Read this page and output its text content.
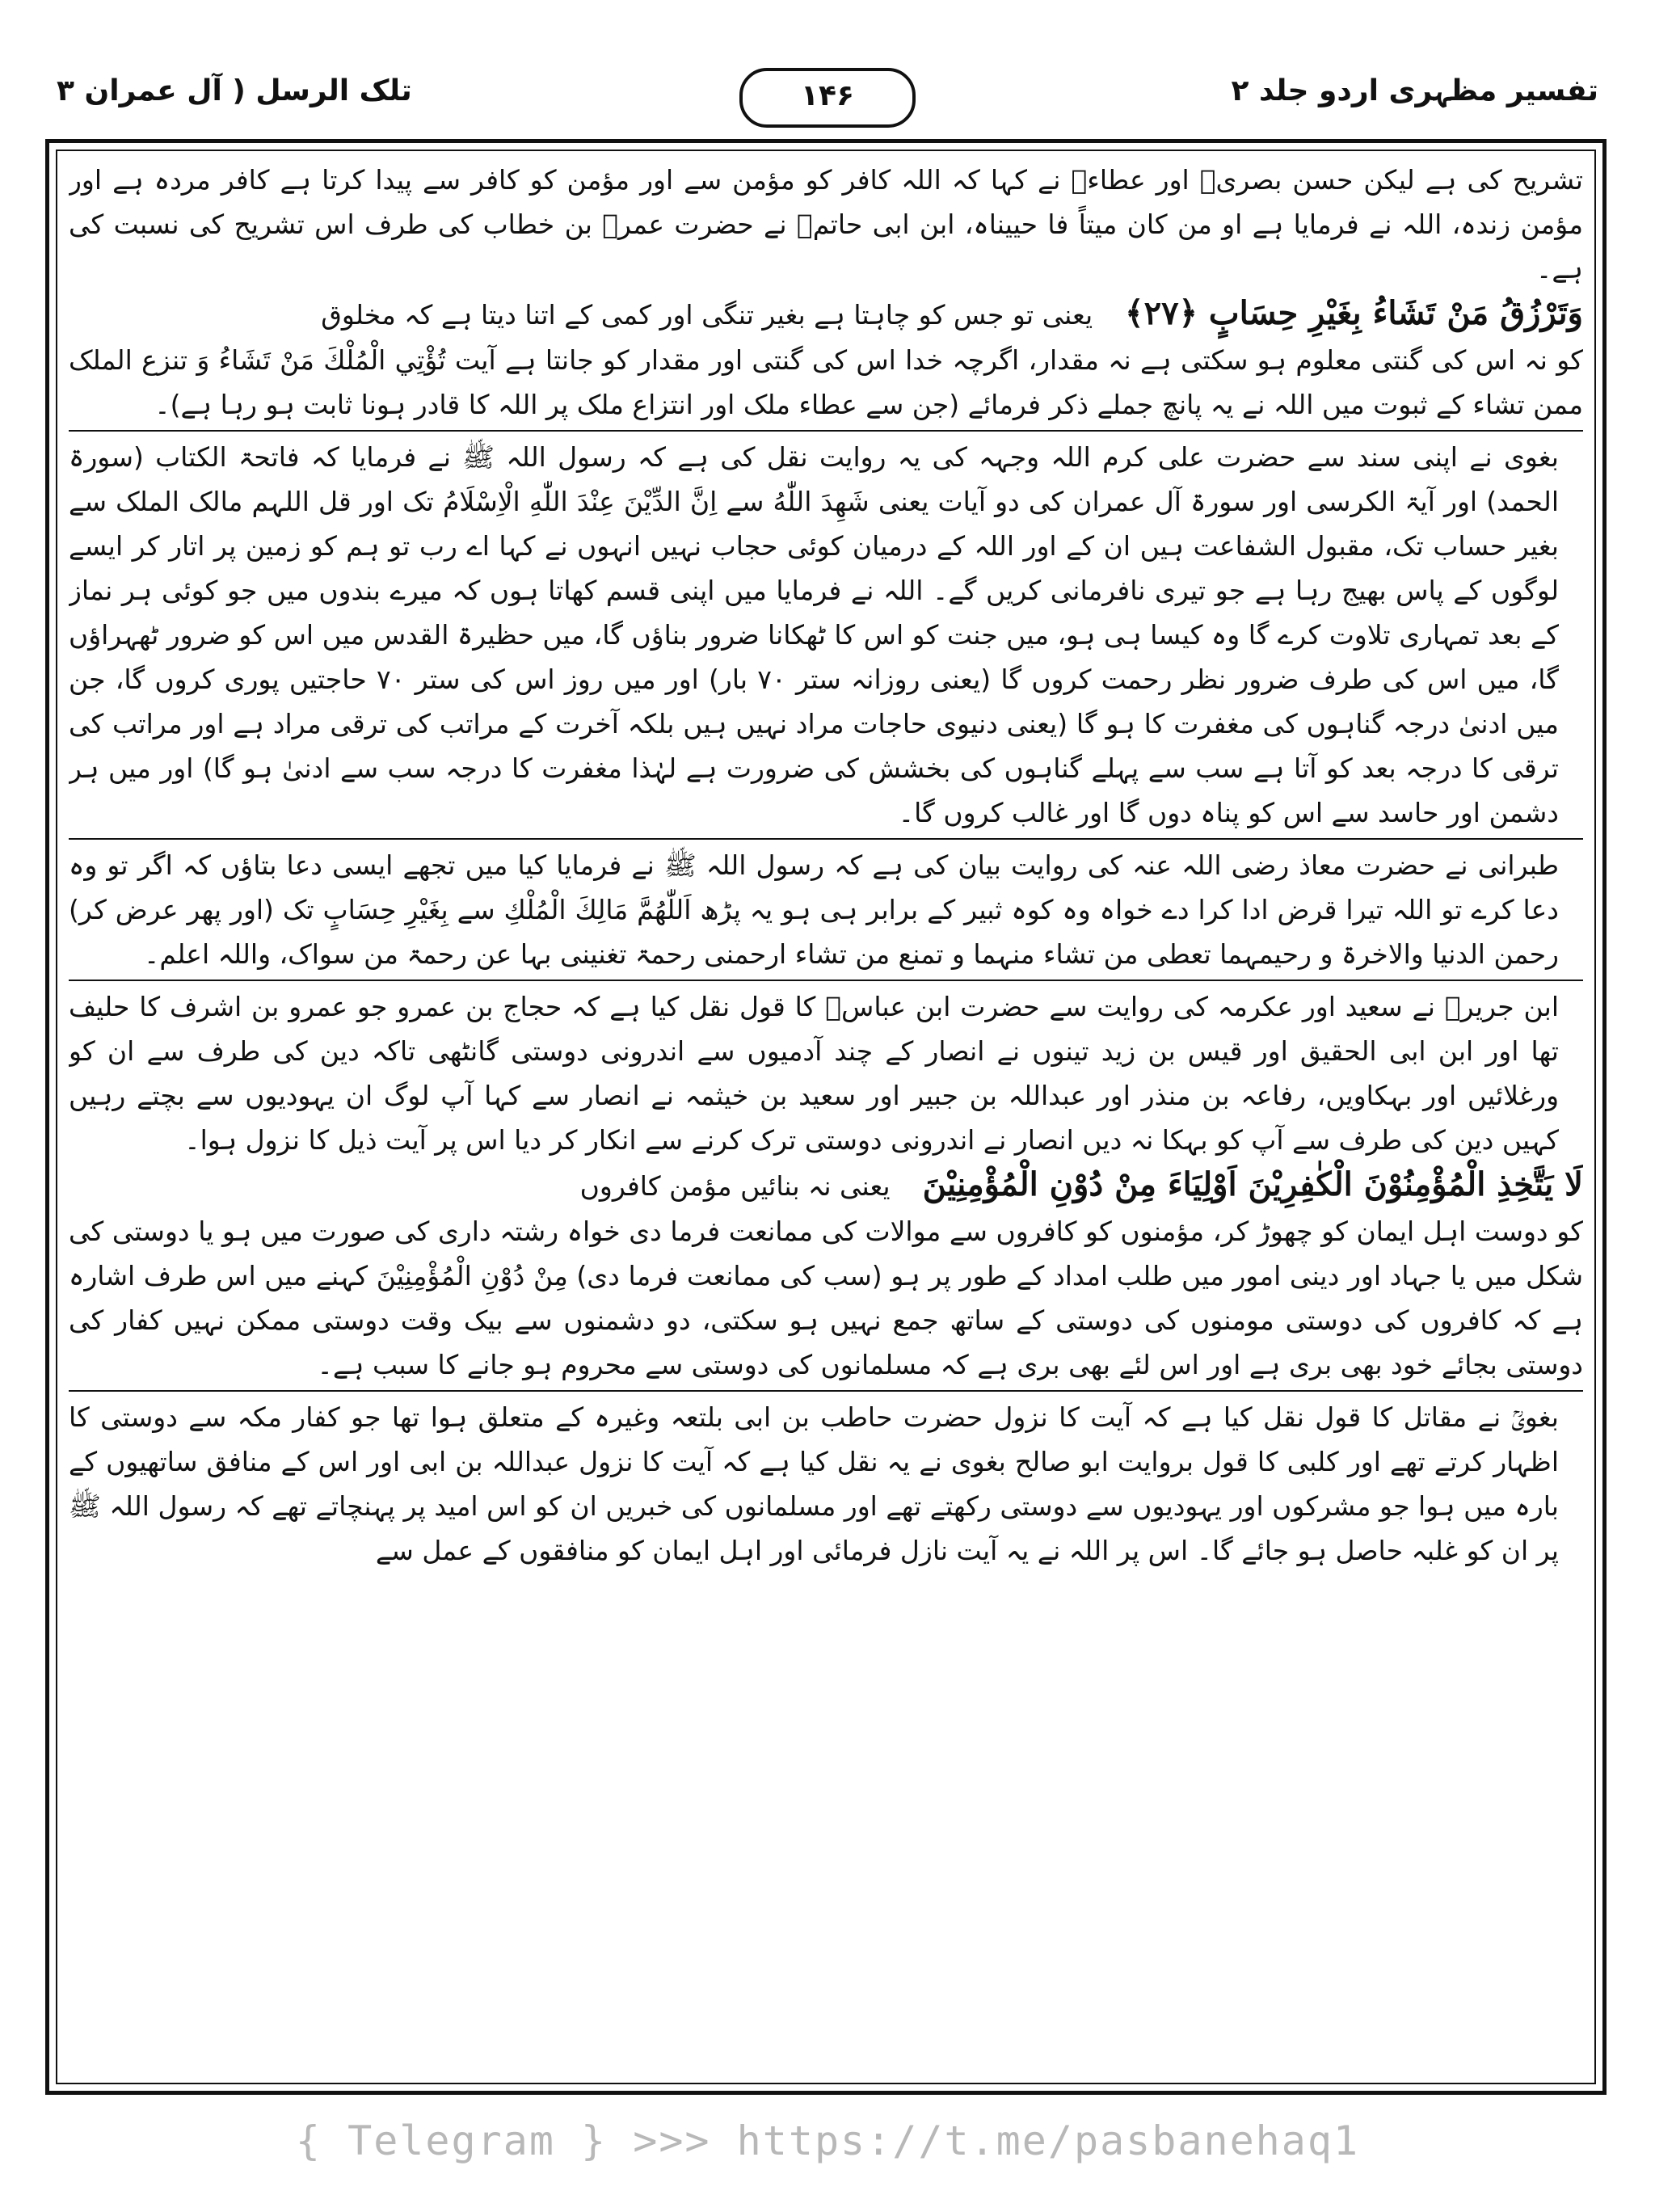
تفسیر مظہری اردو جلد ۲
۱۴۶
تلک الرسل ( آل عمران ۳

تشریح کی ہے لیکن حسن بصریؒ اور عطاءؒ نے کہا کہ اللہ کافر کو مؤمن سے اور مؤمن کو کافر سے پیدا کرتا ہے کافر مردہ ہے اور مؤمن زندہ، اللہ نے فرمایا ہے او من کان میتاً فا حییناہ، ابن ابی حاتمؒ نے حضرت عمرؓ بن خطاب کی طرف اس تشریح کی نسبت کی ہے۔

وَتَرْزُقُ مَنْ تَشَاءُ بِغَيْرِ حِسَابٍ ﴿۲۷﴾
یعنی تو جس کو چاہتا ہے بغیر تنگی اور کمی کے اتنا دیتا ہے کہ مخلوق

کو نہ اس کی گنتی معلوم ہو سکتی ہے نہ مقدار، اگرچہ خدا اس کی گنتی اور مقدار کو جانتا ہے آیت تُؤْتِي الْمُلْكَ مَنْ تَشَاءُ وَ تنزع الملک ممن تشاء کے ثبوت میں اللہ نے یہ پانچ جملے ذکر فرمائے (جن سے عطاء ملک اور انتزاع ملک پر اللہ کا قادر ہونا ثابت ہو رہا ہے)۔

بغوی نے اپنی سند سے حضرت علی کرم اللہ وجہہ کی یہ روایت نقل کی ہے کہ رسول اللہ ﷺ نے فرمایا کہ فاتحۃ الکتاب (سورۃ الحمد) اور آیۃ الکرسی اور سورۃ آل عمران کی دو آیات یعنی شَهِدَ اللّٰهُ سے اِنَّ الدِّيْنَ عِنْدَ اللّٰهِ الْاِسْلَامُ تک اور قل اللہم مالک الملک سے بغیر حساب تک، مقبول الشفاعت ہیں ان کے اور اللہ کے درمیان کوئی حجاب نہیں انہوں نے کہا اے رب تو ہم کو زمین پر اتار کر ایسے لوگوں کے پاس بھیج رہا ہے جو تیری نافرمانی کریں گے۔ اللہ نے فرمایا میں اپنی قسم کھاتا ہوں کہ میرے بندوں میں جو کوئی ہر نماز کے بعد تمہاری تلاوت کرے گا وہ کیسا ہی ہو، میں جنت کو اس کا ٹھکانا ضرور بناؤں گا، میں حظیرۃ القدس میں اس کو ضرور ٹھہراؤں گا، میں اس کی طرف ضرور نظر رحمت کروں گا (یعنی روزانہ ستر ۷۰ بار) اور میں روز اس کی ستر ۷۰ حاجتیں پوری کروں گا، جن میں ادنیٰ درجہ گناہوں کی مغفرت کا ہو گا (یعنی دنیوی حاجات مراد نہیں ہیں بلکہ آخرت کے مراتب کی ترقی مراد ہے اور مراتب کی ترقی کا درجہ بعد کو آتا ہے سب سے پہلے گناہوں کی بخشش کی ضرورت ہے لہٰذا مغفرت کا درجہ سب سے ادنیٰ ہو گا) اور میں ہر دشمن اور حاسد سے اس کو پناہ دوں گا اور غالب کروں گا۔

طبرانی نے حضرت معاذ رضی اللہ عنہ کی روایت بیان کی ہے کہ رسول اللہ ﷺ نے فرمایا کیا میں تجھے ایسی دعا بتاؤں کہ اگر تو وہ دعا کرے تو اللہ تیرا قرض ادا کرا دے خواہ وہ کوہ ثبیر کے برابر ہی ہو یہ پڑھ اَللّٰهُمَّ مَالِكَ الْمُلْكِ سے بِغَيْرِ حِسَابٍ تک (اور پھر عرض کر) رحمن الدنیا والاخرۃ و رحیمہما تعطی من تشاء منہما و تمنع من تشاء ارحمنی رحمۃ تغنینی بہا عن رحمۃ من سواک، واللہ اعلم۔

ابن جریرؒ نے سعید اور عکرمہ کی روایت سے حضرت ابن عباسؓ کا قول نقل کیا ہے کہ حجاج بن عمرو جو عمرو بن اشرف کا حلیف تھا اور ابن ابی الحقیق اور قیس بن زید تینوں نے انصار کے چند آدمیوں سے اندرونی دوستی گانٹھی تاکہ دین کی طرف سے ان کو ورغلائیں اور بہکاویں، رفاعہ بن منذر اور عبداللہ بن جبیر اور سعید بن خیثمہ نے انصار سے کہا آپ لوگ ان یہودیوں سے بچتے رہیں کہیں دین کی طرف سے آپ کو بہکا نہ دیں انصار نے اندرونی دوستی ترک کرنے سے انکار کر دیا اس پر آیت ذیل کا نزول ہوا۔

لَا يَتَّخِذِ الْمُؤْمِنُوْنَ الْكٰفِرِيْنَ اَوْلِيَاءَ مِنْ دُوْنِ الْمُؤْمِنِيْنَ
یعنی نہ بنائیں مؤمن کافروں

کو دوست اہل ایمان کو چھوڑ کر، مؤمنوں کو کافروں سے موالات کی ممانعت فرما دی خواہ رشتہ داری کی صورت میں ہو یا دوستی کی شکل میں یا جہاد اور دینی امور میں طلب امداد کے طور پر ہو (سب کی ممانعت فرما دی) مِنْ دُوْنِ الْمُؤْمِنِيْنَ کہنے میں اس طرف اشارہ ہے کہ کافروں کی دوستی مومنوں کی دوستی کے ساتھ جمع نہیں ہو سکتی، دو دشمنوں سے بیک وقت دوستی ممکن نہیں کفار کی دوستی بجائے خود بھی بری ہے اور اس لئے بھی بری ہے کہ مسلمانوں کی دوستی سے محروم ہو جانے کا سبب ہے۔

بغویؒ نے مقاتل کا قول نقل کیا ہے کہ آیت کا نزول حضرت حاطب بن ابی بلتعہ وغیرہ کے متعلق ہوا تھا جو کفار مکہ سے دوستی کا اظہار کرتے تھے اور کلبی کا قول بروایت ابو صالح بغوی نے یہ نقل کیا ہے کہ آیت کا نزول عبداللہ بن ابی اور اس کے منافق ساتھیوں کے بارہ میں ہوا جو مشرکوں اور یہودیوں سے دوستی رکھتے تھے اور مسلمانوں کی خبریں ان کو اس امید پر پہنچاتے تھے کہ رسول اللہ ﷺ پر ان کو غلبہ حاصل ہو جائے گا۔ اس پر اللہ نے یہ آیت نازل فرمائی اور اہل ایمان کو منافقوں کے عمل سے

{ Telegram } >>> https://t.me/pasbanehaq1
